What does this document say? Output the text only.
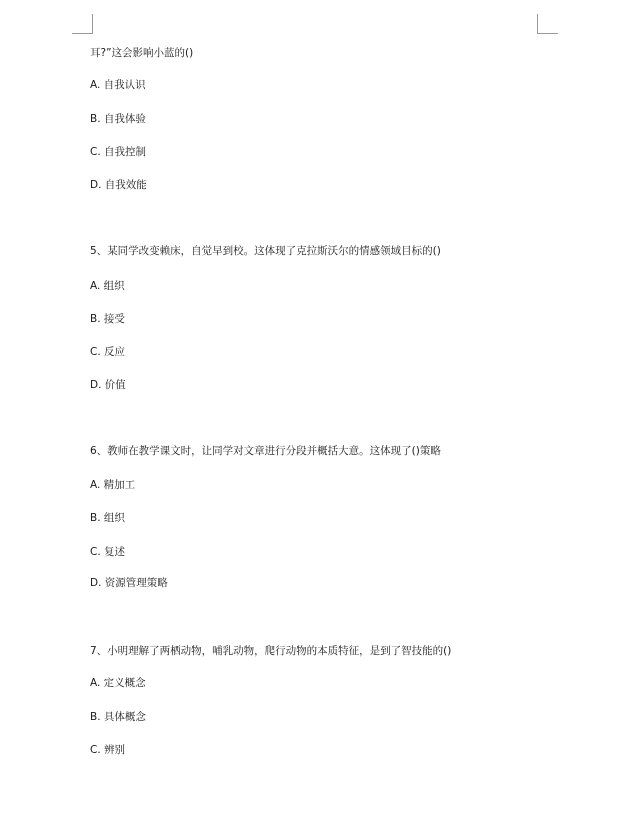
耳?”这会影响小蓝的()
A. 自我认识
B. 自我体验
C. 自我控制
D. 自我效能
5、某同学改变赖床，自觉早到校。这体现了克拉斯沃尔的情感领域目标的()
A. 组织
B. 接受
C. 反应
D. 价值
6、教师在教学课文时，让同学对文章进行分段并概括大意。这体现了()策略
A. 精加工
B. 组织
C. 复述
D. 资源管理策略
7、小明理解了两栖动物，哺乳动物，爬行动物的本质特征，是到了智技能的()
A. 定义概念
B. 具体概念
C. 辨别
